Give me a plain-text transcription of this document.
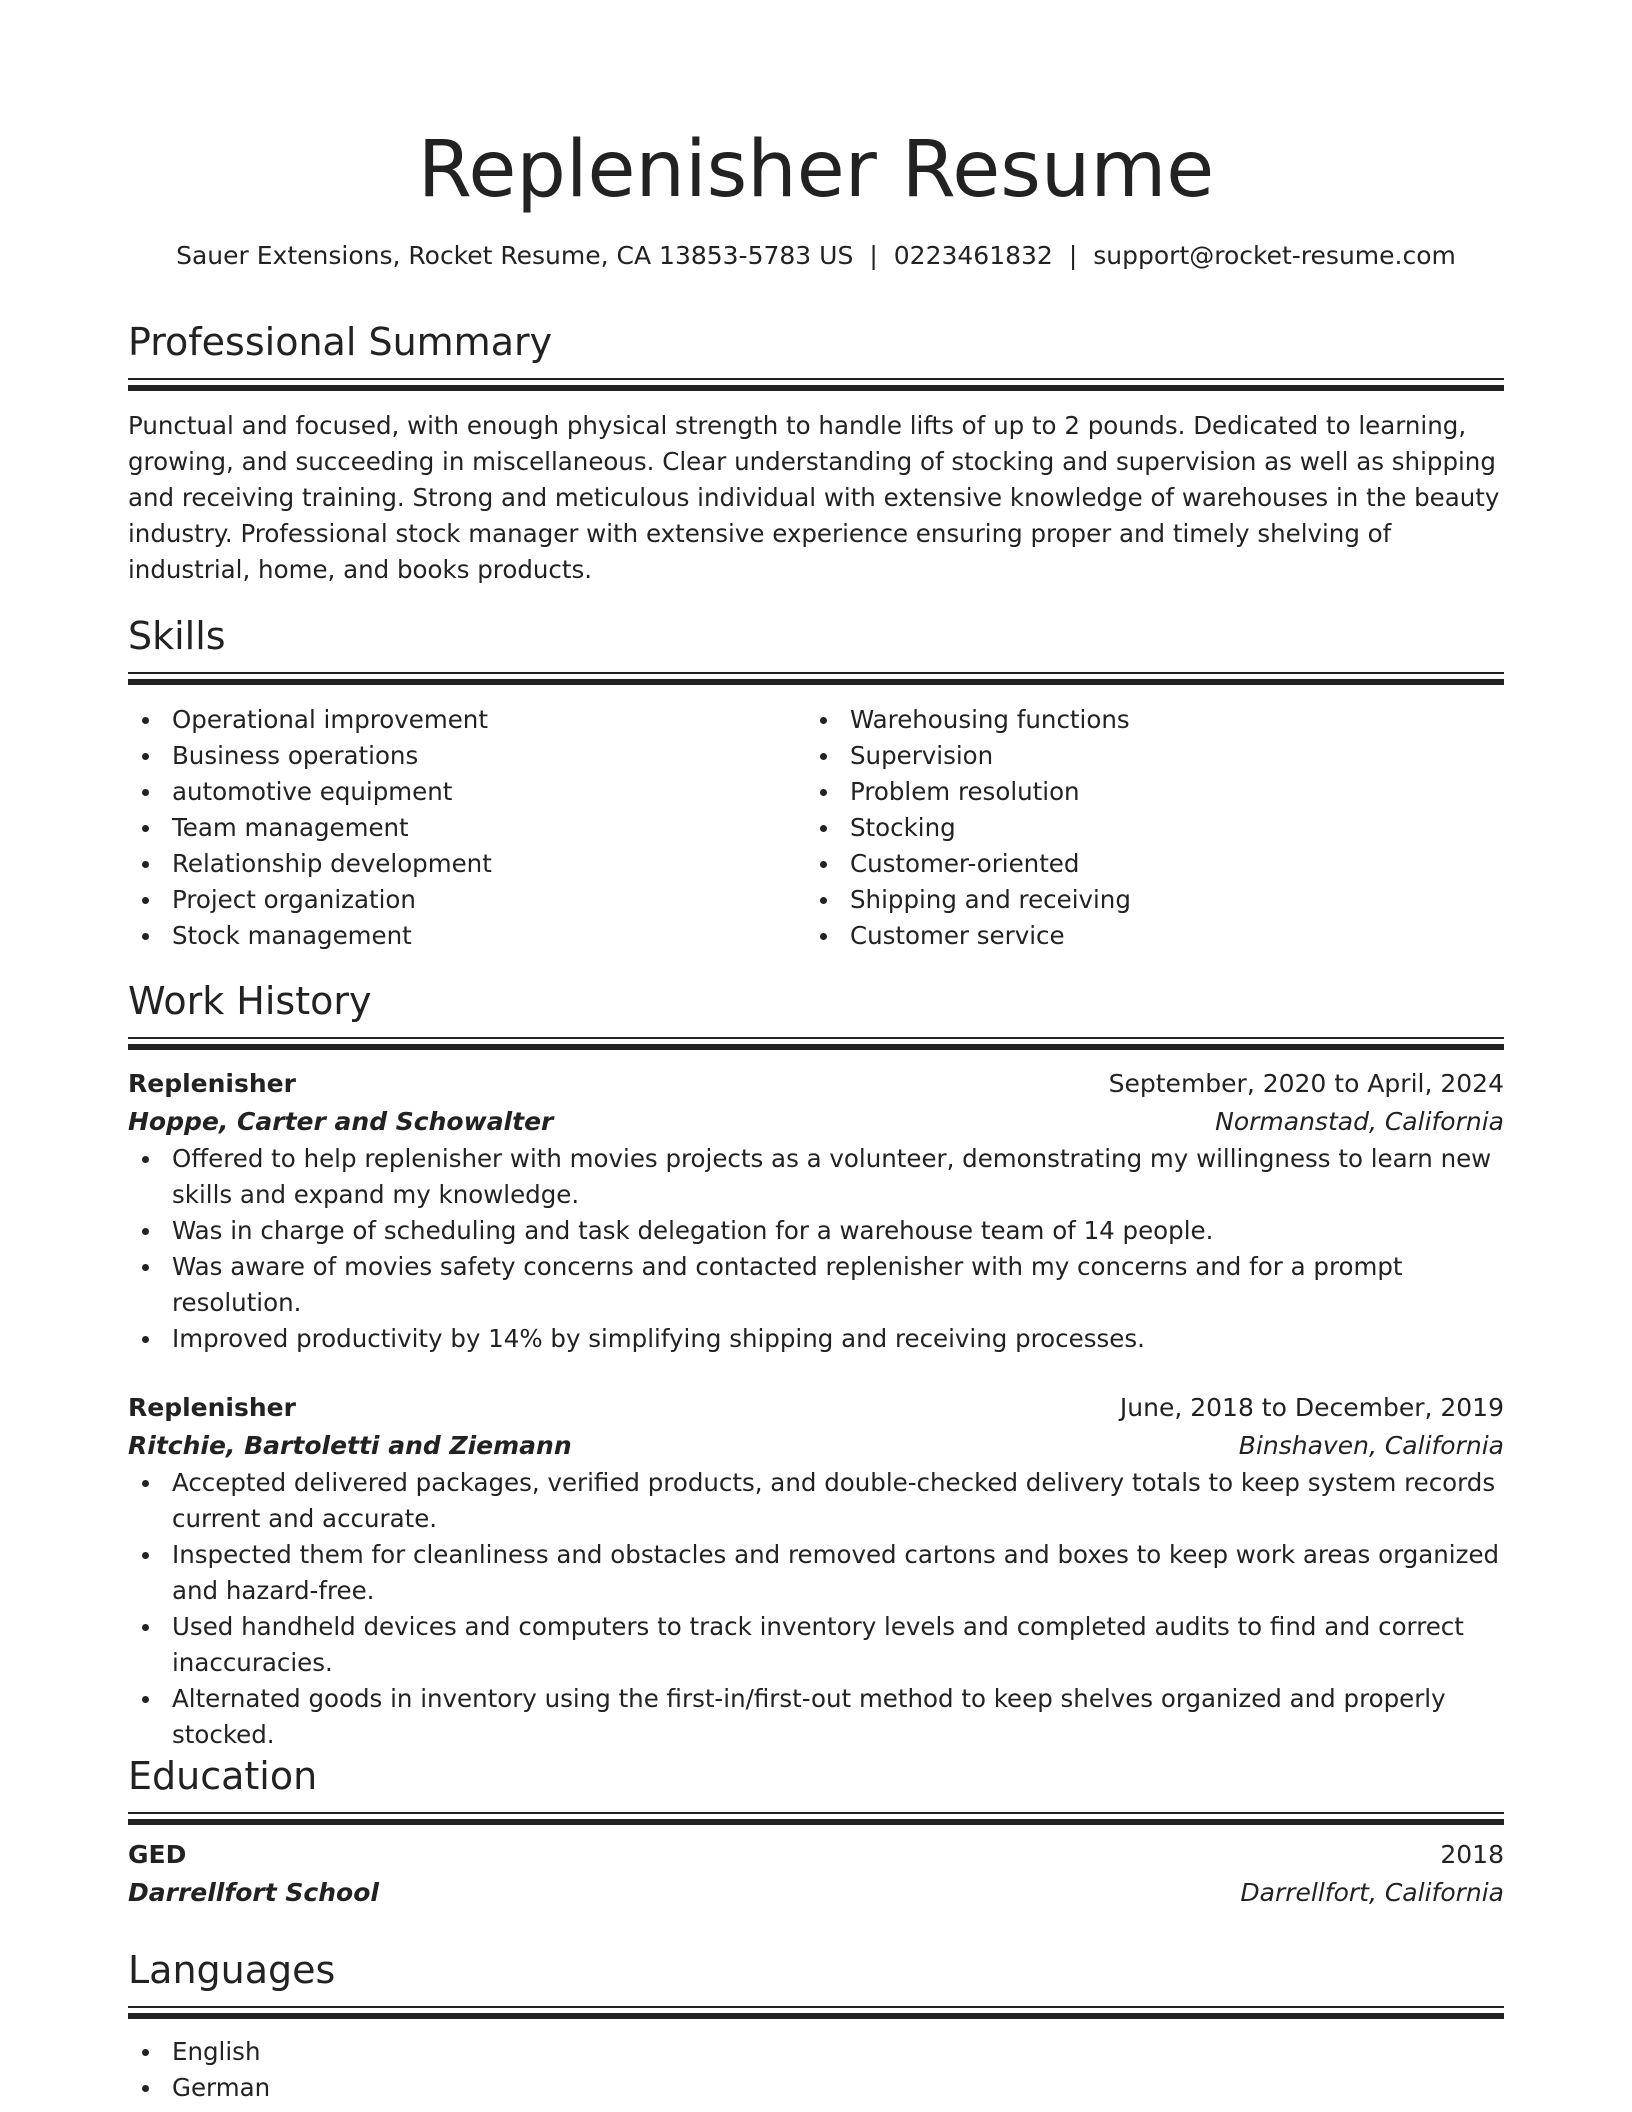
Replenisher Resume
Sauer Extensions, Rocket Resume, CA 13853-5783 US | 0223461832 | support@rocket-resume.com
Professional Summary

Punctual and focused, with enough physical strength to handle lifts of up to 2 pounds. Dedicated to learning, growing, and succeeding in miscellaneous. Clear understanding of stocking and supervision as well as shipping and receiving training. Strong and meticulous individual with extensive knowledge of warehouses in the beauty industry. Professional stock manager with extensive experience ensuring proper and timely shelving of industrial, home, and books products.

Skills
Operational improvement
Business operations
automotive equipment
Team management
Relationship development
Project organization
Stock management
Warehousing functions
Supervision
Problem resolution
Stocking
Customer-oriented
Shipping and receiving
Customer service
Work History
Replenisher	September, 2020 to April, 2024
Hoppe, Carter and Schowalter	Normanstad, California
Offered to help replenisher with movies projects as a volunteer, demonstrating my willingness to learn new skills and expand my knowledge.
Was in charge of scheduling and task delegation for a warehouse team of 14 people.
Was aware of movies safety concerns and contacted replenisher with my concerns and for a prompt resolution.
Improved productivity by 14% by simplifying shipping and receiving processes.
Replenisher	June, 2018 to December, 2019
Ritchie, Bartoletti and Ziemann	Binshaven, California
Accepted delivered packages, verified products, and double-checked delivery totals to keep system records current and accurate.
Inspected them for cleanliness and obstacles and removed cartons and boxes to keep work areas organized and hazard-free.
Used handheld devices and computers to track inventory levels and completed audits to find and correct inaccuracies.
Alternated goods in inventory using the first-in/first-out method to keep shelves organized and properly stocked.
Education
GED	2018
Darrellfort School	Darrellfort, California
Languages
English
German
